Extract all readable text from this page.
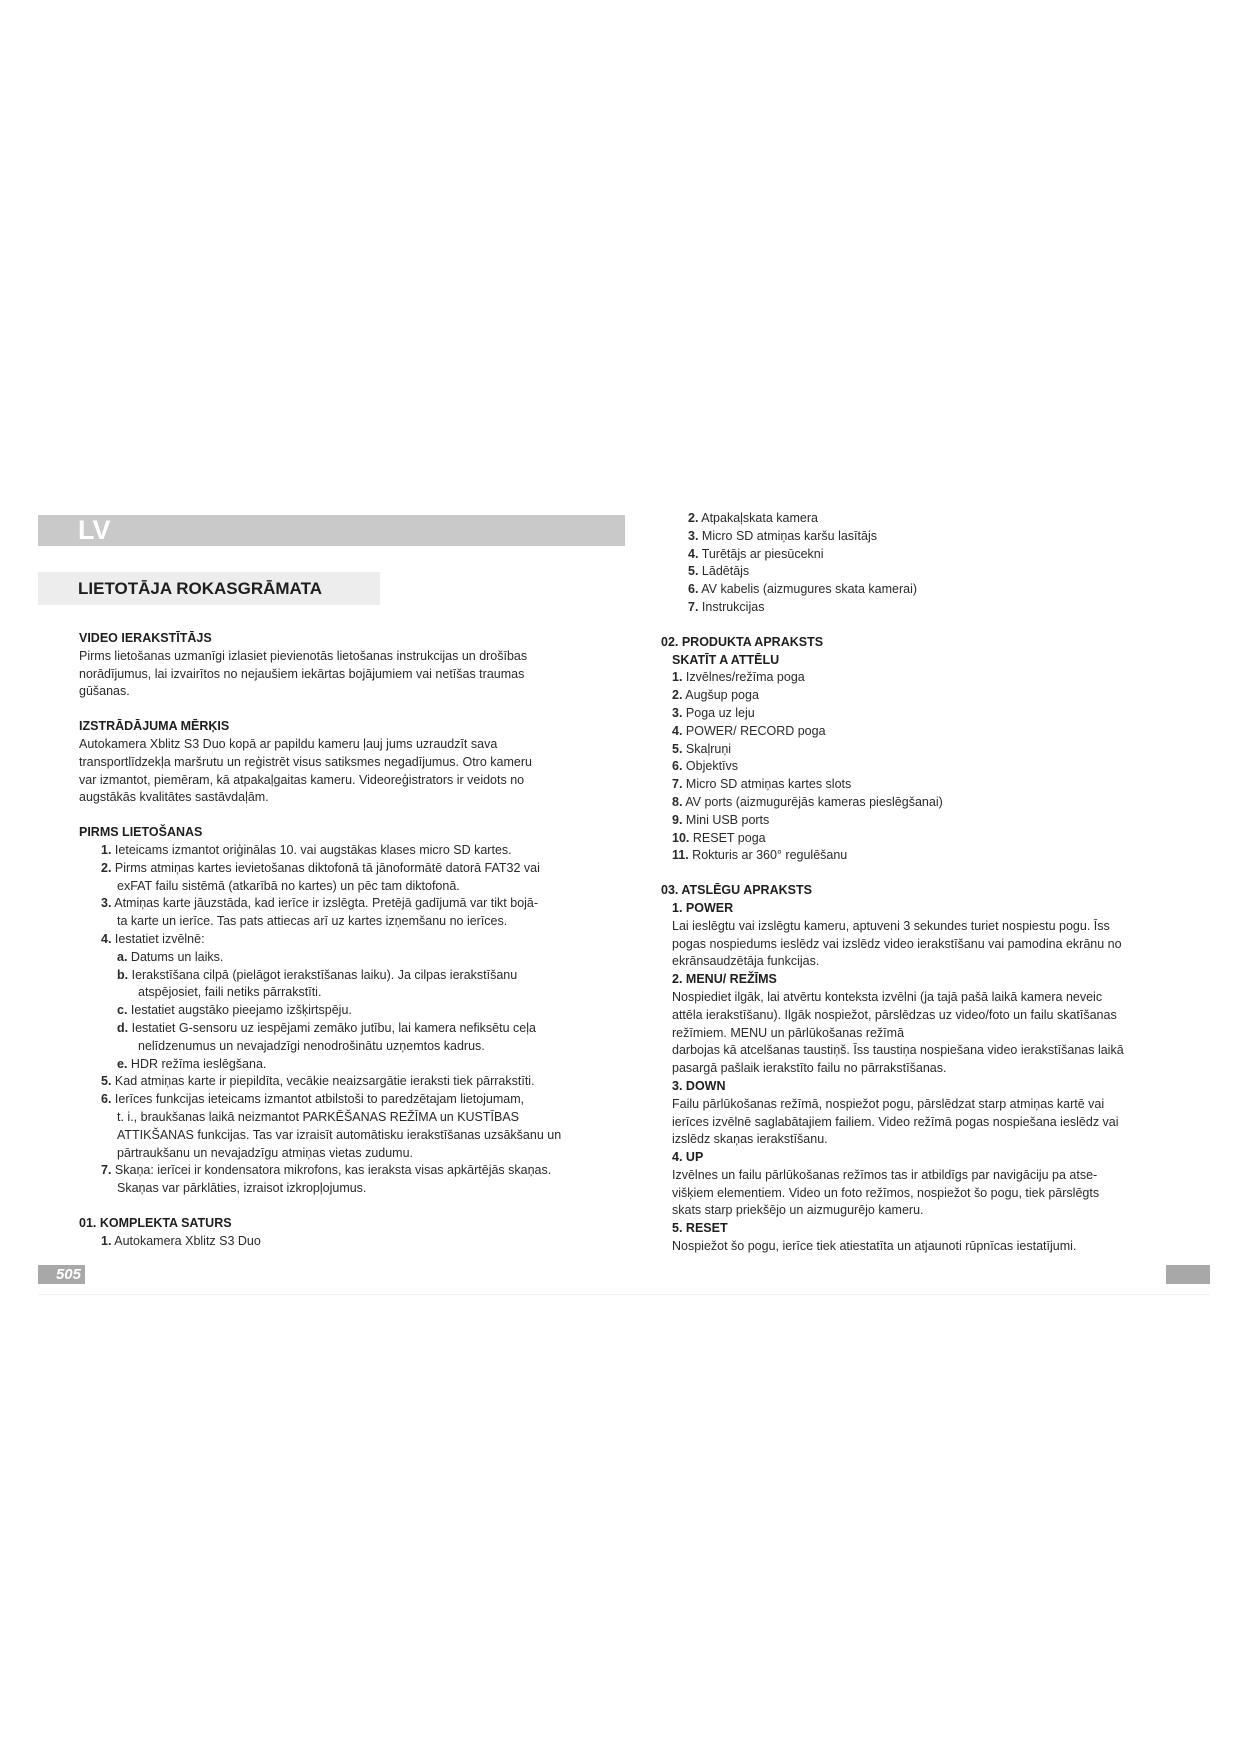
LV
LIETOTĀJA ROKASGRĀMATA
VIDEO IERAKSTĪTĀJS
Pirms lietošanas uzmanīgi izlasiet pievienotās lietošanas instrukcijas un drošības
norādījumus, lai izvairītos no nejaušiem iekārtas bojājumiem vai netīšas traumas
gūšanas.
IZSTRĀDĀJUMA MĒRĶIS
Autokamera Xblitz S3 Duo kopā ar papildu kameru ļauj jums uzraudzīt sava
transportlīdzekļa maršrutu un reģistrēt visus satiksmes negadījumus. Otro kameru
var izmantot, piemēram, kā atpakaļgaitas kameru. Videoreģistrators ir veidots no
augstākās kvalitātes sastāvdaļām.
PIRMS LIETOŠANAS
1. Ieteicams izmantot oriģinālas 10. vai augstākas klases micro SD kartes.
2. Pirms atmiņas kartes ievietošanas diktofonā tā jānoformātē datorā FAT32 vai
exFAT failu sistēmā (atkarībā no kartes) un pēc tam diktofonā.
3. Atmiņas karte jāuzstāda, kad ierīce ir izslēgta. Pretējā gadījumā var tikt bojā-
ta karte un ierīce. Tas pats attiecas arī uz kartes izņemšanu no ierīces.
4. Iestatiet izvēlnē:
a. Datums un laiks.
b. Ierakstīšana cilpā (pielāgot ierakstīšanas laiku). Ja cilpas ierakstīšanu
atspējosiet, faili netiks pārrakstīti.
c. Iestatiet augstāko pieejamo izšķirtspēju.
d. Iestatiet G-sensoru uz iespējami zemāko jutību, lai kamera nefiksētu ceļa
nelīdzenumus un nevajadzīgi nenodrošinātu uzņemtos kadrus.
e. HDR režīma ieslēgšana.
5. Kad atmiņas karte ir piepildīta, vecākie neaizsargātie ieraksti tiek pārrakstīti.
6. Ierīces funkcijas ieteicams izmantot atbilstoši to paredzētajam lietojumam,
t. i., braukšanas laikā neizmantot PARKĒŠANAS REŽĪMA un KUSTĪBAS
ATTIKŠANAS funkcijas. Tas var izraisīt automātisku ierakstīšanas uzsākšanu un
pārtraukšanu un nevajadzīgu atmiņas vietas zudumu.
7. Skaņa: ierīcei ir kondensatora mikrofons, kas ieraksta visas apkārtējās skaņas.
Skaņas var pārklāties, izraisot izkropļojumus.
01. KOMPLEKTA SATURS
1. Autokamera Xblitz S3 Duo
2. Atpakaļskata kamera
3. Micro SD atmiņas karšu lasītājs
4. Turētājs ar piesūcekni
5. Lādētājs
6. AV kabelis (aizmugures skata kamerai)
7. Instrukcijas
02. PRODUKTA APRAKSTS
SKATĪT A ATTĒLU
1. Izvēlnes/režīma poga
2. Augšup poga
3. Poga uz leju
4. POWER/ RECORD poga
5. Skaļruņi
6. Objektīvs
7. Micro SD atmiņas kartes slots
8. AV ports (aizmugurējās kameras pieslēgšanai)
9. Mini USB ports
10. RESET poga
11. Rokturis ar 360° regulēšanu
03. ATSLĒGU APRAKSTS
1. POWER
Lai ieslēgtu vai izslēgtu kameru, aptuveni 3 sekundes turiet nospiestu pogu. Īss
pogas nospiedums ieslēdz vai izslēdz video ierakstīšanu vai pamodina ekrānu no
ekrānsaudzētāja funkcijas.
2. MENU/ REŽĪMS
Nospiediet ilgāk, lai atvērtu konteksta izvēlni (ja tajā pašā laikā kamera neveic
attēla ierakstīšanu). Ilgāk nospiežot, pārslēdzas uz video/foto un failu skatīšanas
režīmiem. MENU un pārlūkošanas režīmā
darbojas kā atcelšanas taustiņš. Īss taustiņa nospiešana video ierakstīšanas laikā
pasargā pašlaik ierakstīto failu no pārrakstīšanas.
3. DOWN
Failu pārlūkošanas režīmā, nospiežot pogu, pārslēdzat starp atmiņas kartē vai
ierīces izvēlnē saglabātajiem failiem. Video režīmā pogas nospiešana ieslēdz vai
izslēdz skaņas ierakstīšanu.
4. UP
Izvēlnes un failu pārlūkošanas režīmos tas ir atbildīgs par navigāciju pa atse-
višķiem elementiem. Video un foto režīmos, nospiežot šo pogu, tiek pārslēgts
skats starp priekšējo un aizmugurējo kameru.
5. RESET
Nospiežot šo pogu, ierīce tiek atiestatīta un atjaunoti rūpnīcas iestatījumi.
505
